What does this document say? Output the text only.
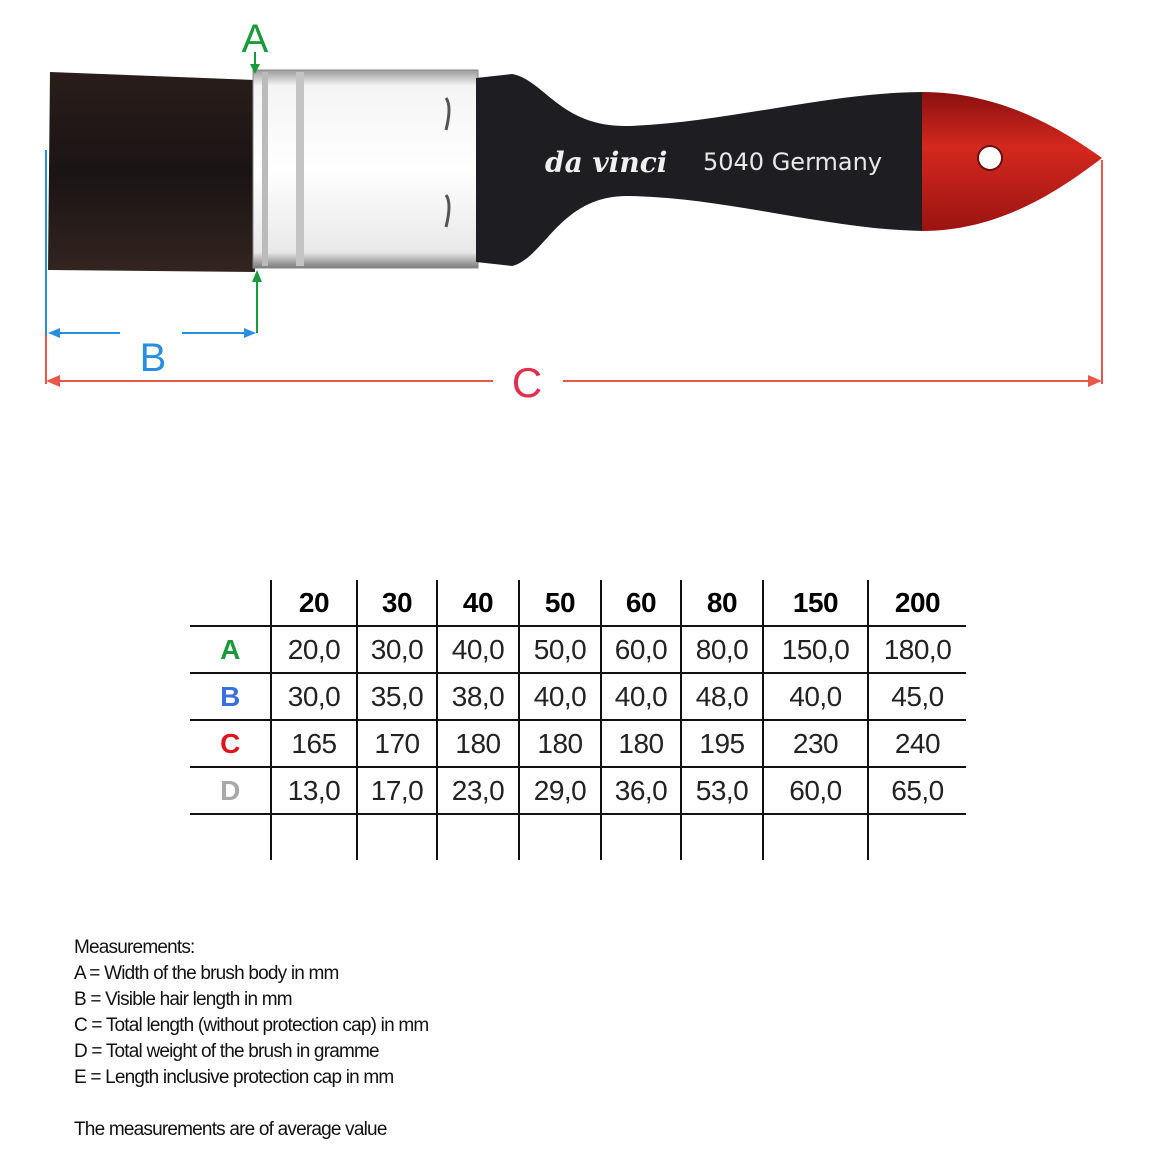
da vinci 5040 Germany
A
B
C
	20	30	40	50	60	80	150	200
A	20,0	30,0	40,0	50,0	60,0	80,0	150,0	180,0
B	30,0	35,0	38,0	40,0	40,0	48,0	40,0	45,0
C	165	170	180	180	180	195	230	240
D	13,0	17,0	23,0	29,0	36,0	53,0	60,0	65,0

Measurements:
A = Width of the brush body in mm
B = Visible hair length in mm
C = Total length (without protection cap) in mm
D = Total weight of the brush in gramme
E = Length inclusive protection cap in mm
The measurements are of average value
